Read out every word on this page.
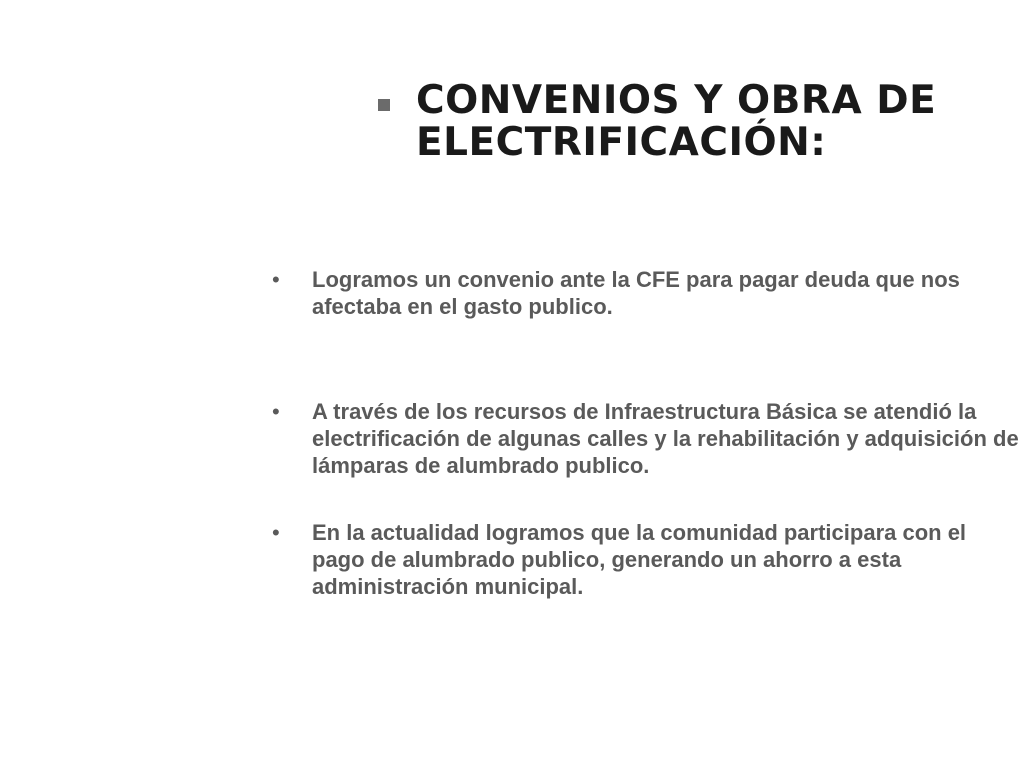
CONVENIOS Y OBRA DE
ELECTRIFICACIÓN:
• Logramos un convenio ante la CFE para pagar deuda que nos afectaba en el gasto publico.
• A través de los recursos de Infraestructura Básica se atendió la electrificación de algunas calles y la rehabilitación y adquisición de lámparas de alumbrado publico.
• En la actualidad logramos que la comunidad participara con el pago de alumbrado publico, generando un ahorro a esta administración municipal.
